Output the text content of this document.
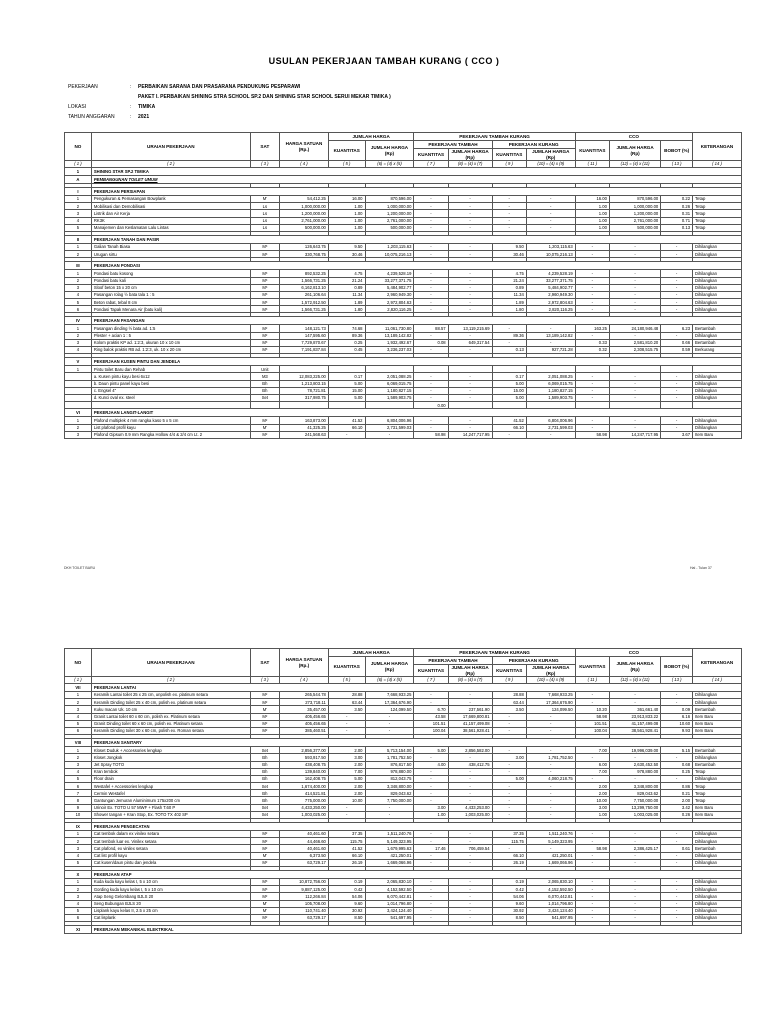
USULAN PEKERJAAN TAMBAH KURANG ( CCO )
PEKERJAAN	:	PERBAIKAN SARANA DAN PRASARANA PENDUKUNG PESPARAWI
PAKET I. PERBAIKAN SHINING STRA SCHOOL SP.2 DAN SHINING STAR SCHOOL SERUI MEKAR TIMIKA )
LOKASI	:	TIMIKA
TAHUN ANGGARAN	:	2021
NO	URAIAN PEKERJAAN	SAT	HARGA SATUAN (Rp.)	JUMLAH HARGA		PEKERJAAN TAMBAH KURANG				CCO			KETERANGAN
				KUANTITAS	JUMLAH HARGA (Rp)	PEKERJAAN TAMBAH		PEKERJAAN KURANG		KUANTITAS	JUMLAH HARGA (Rp)	BOBOT (%)	
						KUANTITAS	JUMLAH HARGA (Rp)	KUANTITAS	JUMLAH HARGA (Rp)				
( 1 )	( 2 )	( 3 )	( 4 )	( 5 )	(6) = (4) x (5)	( 7 )	(8) = (4) x (7)	( 9 )	(10) = (4) x (9)	( 11 )	(12) = (4) x (11)	( 13 )	( 14 )
1	SHINING STAR SP.2 TIMIKA												
A	PEMBANGUNAN TOILET UMUM												

I	PEKERJAAN PERSIAPAN												
1	Pengukuran & Pemasangan Bowplank	M'	54,412.25	16.00	870,596.00	-	-	-	-	16.00	870,596.00	0.22	Tetap
2	Mobilisasi dan Demobilisasi	Ls	1,000,000.00	1.00	1,000,000.00	-	-	-	-	1.00	1,000,000.00	0.26	Tetap
3	Listrik dan Air Kerja	Ls	1,200,000.00	1.00	1,200,000.00	-	-	-	-	1.00	1,200,000.00	0.31	Tetap
4	RK3K	Ls	2,761,000.00	1.00	2,761,000.00	-	-	-	-	1.00	2,761,000.00	0.71	Tetap
5	Manajemen dan Keslamatan Lalu Lintas	Ls	500,000.00	1.00	500,000.00	-	-	-	-	1.00	500,000.00	0.13	Tetap

II	PEKERJAAN TANAH DAN PASIR												
1	Galian Tanah Biasa	M³	126,643.75	9.50	1,203,115.63	-	-	9.50	1,203,115.63	-	-	-	Dihilangkan
2	Urugan sirtu	M³	330,768.75	30.46	10,075,216.13	-	-	30.46	10,075,216.13	-	-	-	Dihilangkan

III	PEKERJAAN PONDASI												
1	Pondasi batu kosong	M³	892,532.25	4.75	4,239,528.19	-	-	4.75	4,239,528.19	-	-	-	Dihilangkan
2	Pondasi batu kali	M³	1,566,731.25	21.24	33,277,371.75	-	-	21.24	33,277,371.75	-	-	-	Dihilangkan
3	Sloof beton 15 x 20 cm	M³	6,162,813.10	0.89	5,484,902.77	-	-	0.89	5,484,902.77	-	-	-	Dihilangkan
4	Pasangan rolag ½ bata tala 1 : 5	M³	261,106.64	11.34	2,960,949.30	-	-	11.34	2,960,949.30	-	-	-	Dihilangkan
5	Beton rabat, tebal 8 cm	M³	1,572,912.50	1.89	2,972,804.63	-	-	1.89	2,972,804.63	-	-	-	Dihilangkan
6	Pondasi Tapak Menara Air (batu kali)	M³	1,566,731.25	1.80	2,820,116.25	-	-	1.80	2,820,116.25	-	-	-	Dihilangkan

IV	PEKERJAAN PASANGAN												
1	Pasangan dinding ½ bata ad. 1:5	M²	148,121.73	74.68	11,061,730.80	88.57	13,119,215.69	-	-	163.25	24,180,946.48	6.23	Bertambah
2	Plester + acian 1 : 5	M²	147,595.60	89.36	13,189,142.82	-	-	89.36	13,189,142.82	-	-	-	Dihilangkan
3	Kolom praktis KP ad. 1:2:3, ukuran 10 x 10 cm	M³	7,729,870.67	0.25	1,932,492.67	0.08	649,317.54	-	-	0.33	2,581,810.20	0.66	Bertambah
4	Ring balok praktis RB ad. 1:2:3, uk. 10 x 20 cm	M³	7,191,837.84	0.45	3,236,237.03	-	-	0.13	927,721.28	0.32	2,308,515.75	0.59	Berkurang

V	PEKERJAAN KUSEN PINTU DAN JENDELA												
1	Pintu toilet Baru dan Rehab	Unit											
	a. Kusen pintu kayu besi 6x12	M3	12,083,225.00	0.17	2,051,088.25	-	-	0.17	2,051,088.25	-	-	-	Dihilangkan
	b. Daun pintu panel kayu besi	Bh	1,213,803.15	5.00	6,069,015.75	-	-	5.00	6,069,015.75	-	-	-	Dihilangkan
	c. Engsel 4"	Bh	78,721.81	15.00	1,180,827.15	-	-	15.00	1,180,827.15	-	-	-	Dihilangkan
	d. Kunci oval ex. steel	Set	317,980.75	5.00	1,589,903.75	-	-	5.00	1,589,903.75	-	-	-	Dihilangkan
						0.00							
VI	PEKERJAAN LANGIT-LANGIT												
1	Plafond multiplek 4 mm rangka kaso 5 x 5 cm	M²	163,873.00	41.52	6,804,006.96	-	-	41.52	6,804,006.96	-	-	-	Dihilangkan
2	List plafond profil kayu	M'	41,325.25	66.10	2,731,599.03	-	-	66.10	2,731,599.03	-	-	-	Dihilangkan
3	Plafond Gipsum 0.9 mm Rangka Hollow 4/4 & 2/4 cm Lt. 2	M²	241,568.63	-	-	58.98	14,247,717.95	-	-	58.98	14,247,717.95	3.67	Item Baru
DKH TOILET BARU	Hal - Tulan 37
NO	URAIAN PEKERJAAN	SAT	HARGA SATUAN (Rp.)	JUMLAH HARGA		PEKERJAAN TAMBAH KURANG				CCO			KETERANGAN
				KUANTITAS	JUMLAH HARGA (Rp)	PEKERJAAN TAMBAH		PEKERJAAN KURANG		KUANTITAS	JUMLAH HARGA (Rp)	BOBOT (%)	
						KUANTITAS	JUMLAH HARGA (Rp)	KUANTITAS	JUMLAH HARGA (Rp)				
( 1 )	( 2 )	( 3 )	( 4 )	( 5 )	(6) = (4) x (5)	( 7 )	(8) = (4) x (7)	( 9 )	(10) = (4) x (9)	( 11 )	(12) = (4) x (11)	( 13 )	( 14 )
VII	PEKERJAAN LANTAI												
1	Keramik Lantai toilet 25 x 25 cm, unpolish ex. platinum setara	M²	265,544.78	28.88	7,668,933.25	-	-	28.88	7,668,933.25	-	-	-	Dihilangkan
2	Keramik Dinding toilet 25 x 40 cm, polish ex. platinum setara	M²	273,718.11	63.44	17,364,676.90	-	-	63.44	17,364,676.90	-	-	-	Dihilangkan
3	Kuku macan Uk. 10 cm	M'	35,457.00	3.50	124,099.50	6.70	237,561.90	3.50	124,099.50	10.20	361,661.40	0.09	Bertambah
4	Granit Lantai toilet 60 x 60 cm, polish ex. Platinum setara	M²	405,456.65	-	-	43.58	17,669,800.81	-	-	58.98	23,913,833.22	6.16	Item Baru
5	Granit Dinding toilet 60 x 60 cm, polish ex. Platinum setara	M²	405,456.65	-	-	101.51	41,157,499.08	-	-	101.51	41,157,499.08	10.60	Item Baru
6	Keramik Dinding toilet 30 x 60 cm, polish ex. Roman setara	M²	385,460.51	-	-	100.04	38,561,928.41	-	-	100.04	38,561,928.41	9.93	Item Baru

VIII	PEKERJAAN SANITARY												
1	Kloset Duduk + Accessories lengkap	Set	2,856,377.00	2.00	5,713,154.00	5.00	2,856,582.00	-	-	7.00	19,996,039.00	5.15	Bertambah
2	Kloset Jongkok	Bh	593,917.50	3.00	1,781,752.50	-	-	3.00	1,781,752.50	-	-	-	Dihilangkan
3	Jet Spray TOTO	Bh	438,408.75	2.00	876,817.50	4.00	438,412.75	-	-	6.00	2,630,452.50	0.68	Bertambah
4	Kran tembok	Bh	139,840.00	7.00	978,880.00	-	-	-	-	7.00	978,880.00	0.25	Tetap
5	Floor drain	Bh	162,408.75	5.00	812,043.75	-	-	5.00	4,060,218.75	-	-	-	Dihilangkan
6	Westafel + Accessories lengkap	Set	1,674,400.00	2.00	3,348,800.00	-	-	-	-	2.00	3,348,800.00	0.86	Tetap
7	Cermin Westafel	Bh	414,521.81	2.00	829,043.62	-	-	-	-	2.00	829,043.62	0.21	Tetap
8	Gantungan Jemuran Aluminimum 175x200 cm	Bh	775,000.00	10.00	7,750,000.00	-	-	-	-	10.00	7,750,000.00	2.00	Tetap
9	Urinoir Ex. TOTO U 57 MWF + Flash T.60 P	Set	4,433,250.00	-	-	3.00	4,433,253.00	-	-	3.00	13,299,750.00	3.42	Item Baru
10	Shower tangan + Kran Stop, Ex. TOTO TX 402 SP	Set	1,003,025.00	-	-	1.00	1,003,025.00	-	-	1.00	1,003,025.00	0.26	Item Baru

IX	PEKERJAAN PENGECATAN												
1	Cat tembok dalam ex vinilex setara	M²	40,461.60	37.35	1,511,240.76	-	-	37.35	1,511,240.76	-	-	-	Dihilangkan
2	Cat tembok luar ex. Vinilex setara	M²	44,466.60	115.75	5,149,323.95	-	-	115.75	5,149,323.95	-	-	-	Dihilangkan
3	Cat plafond, ex vinilex setara	M²	40,461.60	41.52	1,679,995.63	17.46	706,459.54	-	-	58.98	2,386,425.17	0.61	Bertambah
4	Cat list profil kayu	M'	6,373.50	66.10	421,250.01	-	-	66.10	421,250.01	-	-	-	Dihilangkan
5	Cat kusen/daun pintu dan jendela	M²	63,729.17	26.19	1,669,066.96	-	-	26.19	1,669,066.96	-	-	-	Dihilangkan

X	PEKERJAAN ATAP												
1	Kuda kuda kayu kelas I, 5 x 10 cm	M³	10,872,756.00	0.19	2,065,830.10	-	-	0.19	2,065,830.10	-	-	-	Dihilangkan
2	Gording kuda kayu kelas I, 5 x 10 cm	M³	9,887,125.00	0.42	4,152,592.50	-	-	0.42	4,152,592.50	-	-	-	Dihilangkan
3	Atap Seng Gelombang BJLS 20	M²	112,266.84	54.06	6,070,442.81	-	-	54.06	6,070,442.81	-	-	-	Dihilangkan
4	Seng Bubungan BJLS 20	M'	105,708.00	9.60	1,014,796.80	-	-	9.60	1,014,796.80	-	-	-	Dihilangkan
5	Lisplank kayu kelas II, 2.5 x 25 cm	M'	110,741.40	30.92	3,424,124.40	-	-	30.92	3,424,124.40	-	-	-	Dihilangkan
6	Cat lisplank	M²	63,729.17	8.50	541,697.95	-	-	8.50	541,697.95	-	-	-	Dihilangkan

XI	PEKERJAAN MEKANIKAL ELEKTRIKAL												
